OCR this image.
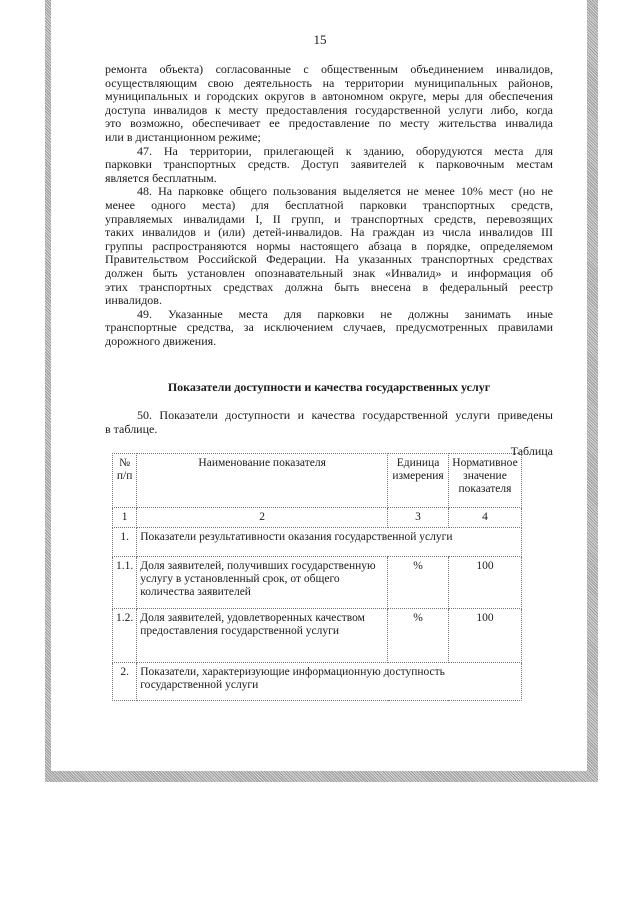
15
ремонта объекта) согласованные с общественным объединением инвалидов,
осуществляющим свою деятельность на территории муниципальных районов,
муниципальных и городских округов в автономном округе, меры для обеспечения
доступа инвалидов к месту предоставления государственной услуги либо, когда
это возможно, обеспечивает ее предоставление по месту жительства инвалида
или в дистанционном режиме;
47. На территории, прилегающей к зданию, оборудуются места для
парковки транспортных средств. Доступ заявителей к парковочным местам
является бесплатным.
48. На парковке общего пользования выделяется не менее 10% мест (но не
менее одного места) для бесплатной парковки транспортных средств,
управляемых инвалидами I, II групп, и транспортных средств, перевозящих
таких инвалидов и (или) детей-инвалидов. На граждан из числа инвалидов III
группы распространяются нормы настоящего абзаца в порядке, определяемом
Правительством Российской Федерации. На указанных транспортных средствах
должен быть установлен опознавательный знак «Инвалид» и информация об
этих транспортных средствах должна быть внесена в федеральный реестр
инвалидов.
49. Указанные места для парковки не должны занимать иные
транспортные средства, за исключением случаев, предусмотренных правилами
дорожного движения.
Показатели доступности и качества государственных услуг
50. Показатели доступности и качества государственной услуги приведены
в таблице.
Таблица
№ п/п	Наименование показателя	Единица измерения	Нормативное значение показателя
1	2	3	4
1.	Показатели результативности оказания государственной услуги		
1.1.	Доля заявителей, получивших государственную услугу в установленный срок, от общего количества заявителей	%	100
1.2.	Доля заявителей, удовлетворенных качеством предоставления государственной услуги	%	100
2.	Показатели, характеризующие информационную доступность государственной услуги		
